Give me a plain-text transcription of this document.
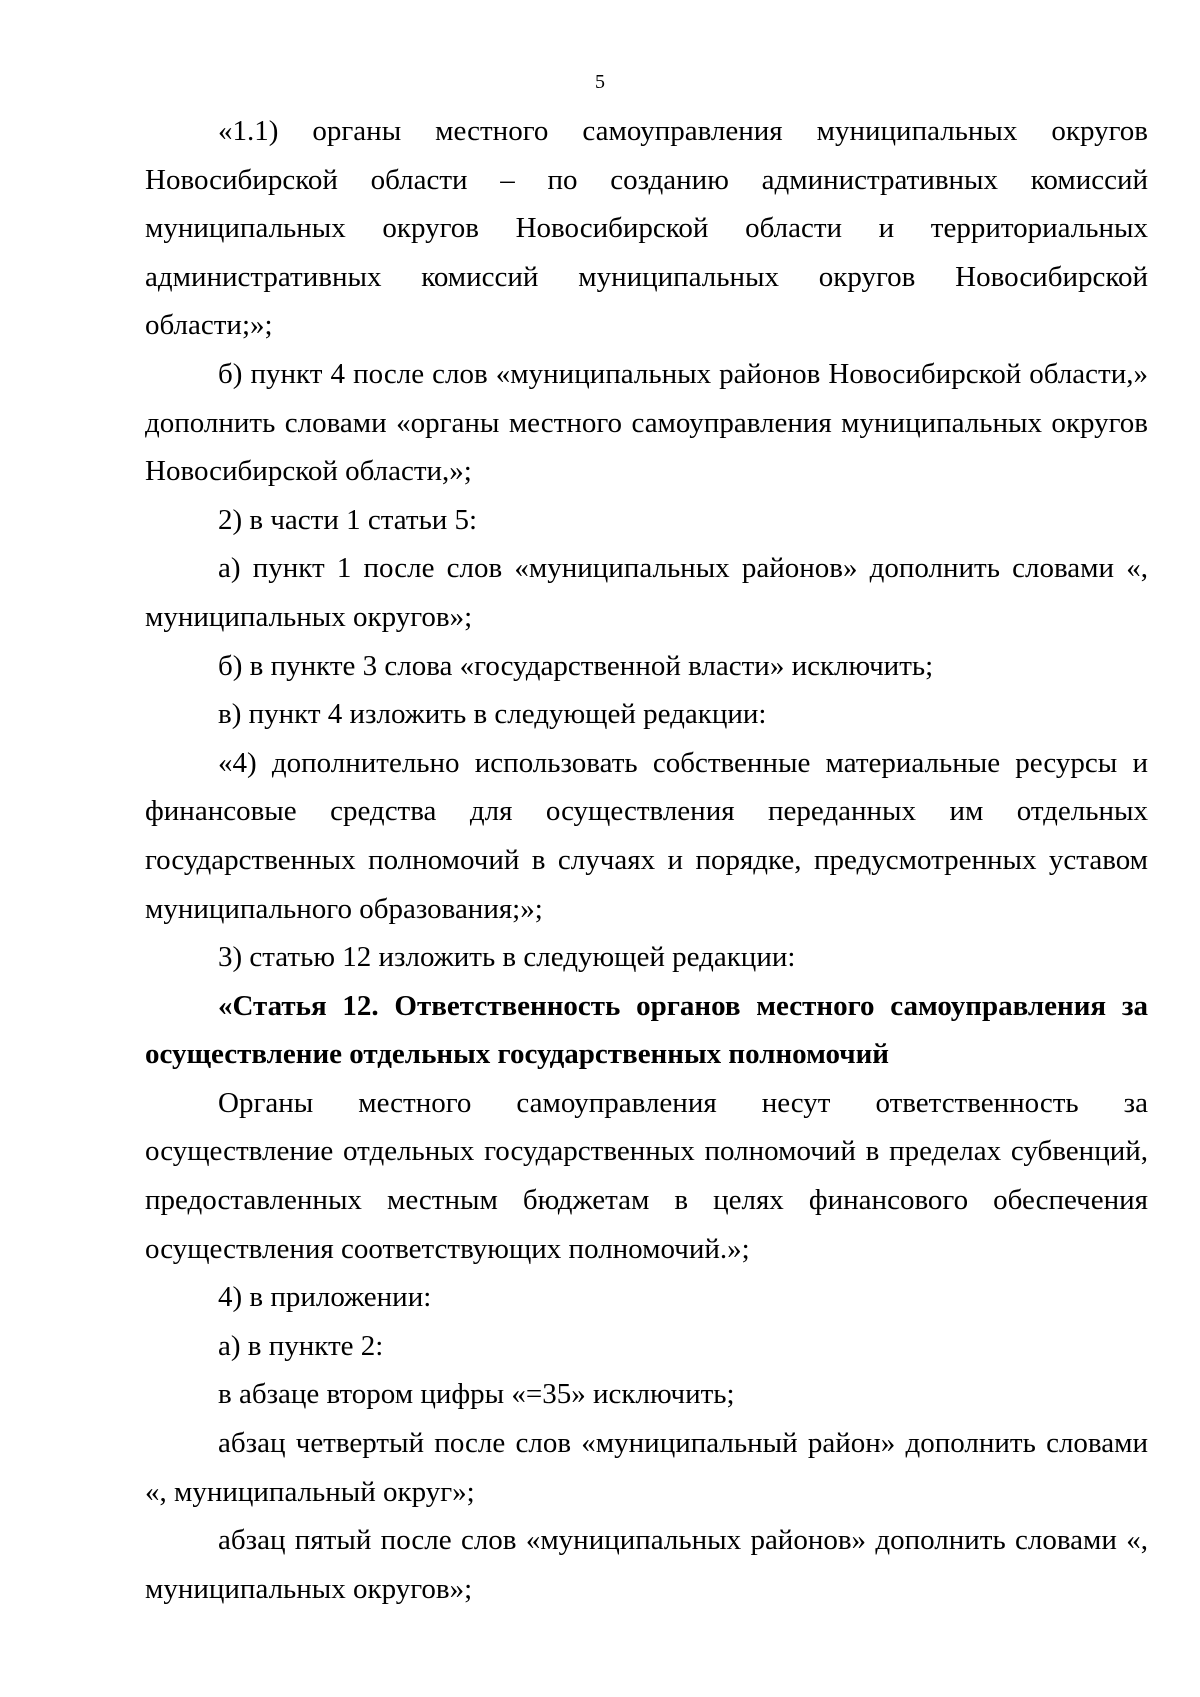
5

«1.1) органы местного самоуправления муниципальных округов Новосибирской области – по созданию административных комиссий муниципальных округов Новосибирской области и территориальных административных комиссий муниципальных округов Новосибирской области;»;

б) пункт 4 после слов «муниципальных районов Новосибирской области,» дополнить словами «органы местного самоуправления муниципальных округов Новосибирской области,»;

2) в части 1 статьи 5:

а) пункт 1 после слов «муниципальных районов» дополнить словами «, муниципальных округов»;

б) в пункте 3 слова «государственной власти» исключить;

в) пункт 4 изложить в следующей редакции:

«4) дополнительно использовать собственные материальные ресурсы и финансовые средства для осуществления переданных им отдельных государственных полномочий в случаях и порядке, предусмотренных уставом муниципального образования;»;

3) статью 12 изложить в следующей редакции:

«Статья 12. Ответственность органов местного самоуправления за осуществление отдельных государственных полномочий

Органы местного самоуправления несут ответственность за осуществление отдельных государственных полномочий в пределах субвенций, предоставленных местным бюджетам в целях финансового обеспечения осуществления соответствующих полномочий.»;

4) в приложении:

а) в пункте 2:

в абзаце втором цифры «=35» исключить;

абзац четвертый после слов «муниципальный район» дополнить словами «, муниципальный округ»;

абзац пятый после слов «муниципальных районов» дополнить словами «, муниципальных округов»;
